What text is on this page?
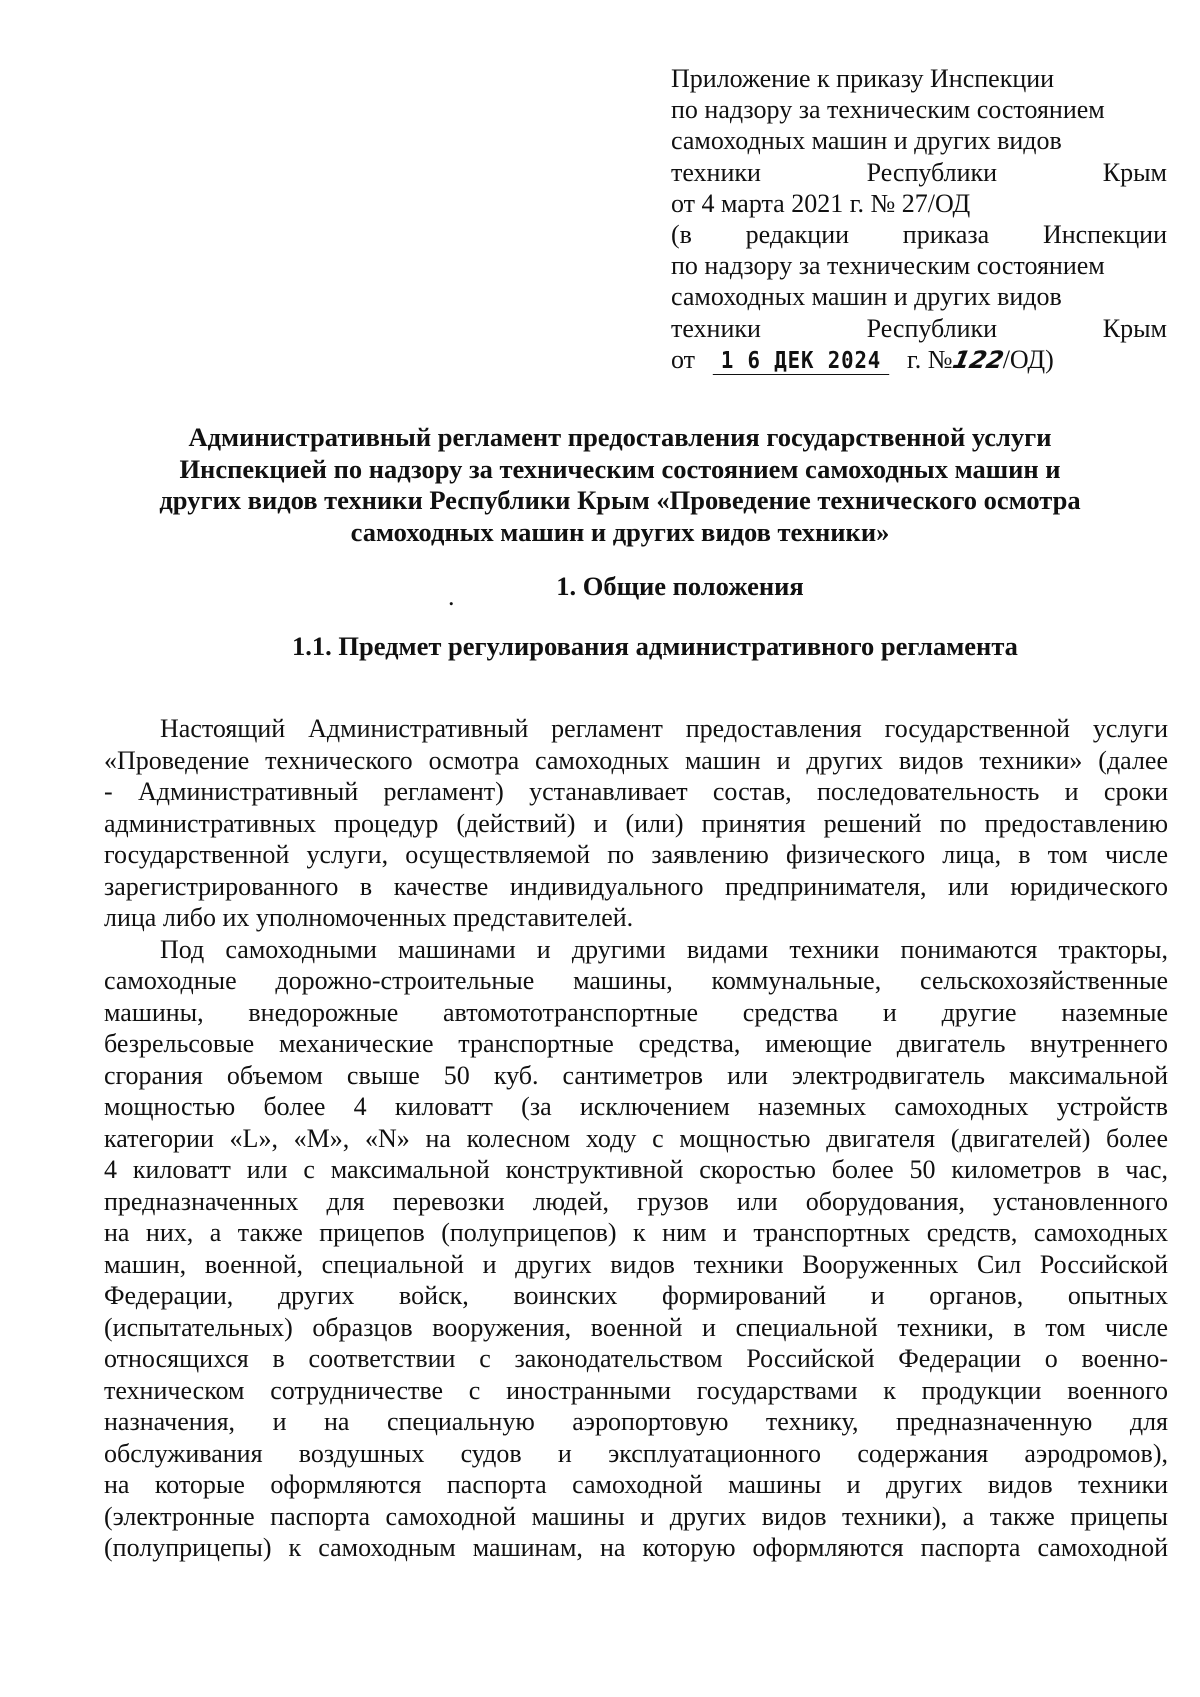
Приложение к приказу Инспекции
по надзору за техническим состоянием
самоходных машин и других видов
техники Республики Крым
от 4 марта 2021 г. № 27/ОД
(в редакции приказа Инспекции
по надзору за техническим состоянием
самоходных машин и других видов
техники Республики Крым
от 1 6 ДЕК 2024 г. №122/ОД)
Административный регламент предоставления государственной услуги
Инспекцией по надзору за техническим состоянием самоходных машин и
других видов техники Республики Крым «Проведение технического осмотра
самоходных машин и других видов техники»
.	1. Общие положения
1.1. Предмет регулирования административного регламента
Настоящий Административный регламент предоставления государственной услуги
«Проведение технического осмотра самоходных машин и других видов техники» (далее
- Административный регламент) устанавливает состав, последовательность и сроки
административных процедур (действий) и (или) принятия решений по предоставлению
государственной услуги, осуществляемой по заявлению физического лица, в том числе
зарегистрированного в качестве индивидуального предпринимателя, или юридического
лица либо их уполномоченных представителей.
Под самоходными машинами и другими видами техники понимаются тракторы,
самоходные дорожно-строительные машины, коммунальные, сельскохозяйственные
машины, внедорожные автомототранспортные средства и другие наземные
безрельсовые механические транспортные средства, имеющие двигатель внутреннего
сгорания объемом свыше 50 куб. сантиметров или электродвигатель максимальной
мощностью более 4 киловатт (за исключением наземных самоходных устройств
категории «L», «M», «N» на колесном ходу с мощностью двигателя (двигателей) более
4 киловатт или с максимальной конструктивной скоростью более 50 километров в час,
предназначенных для перевозки людей, грузов или оборудования, установленного
на них, а также прицепов (полуприцепов) к ним и транспортных средств, самоходных
машин, военной, специальной и других видов техники Вооруженных Сил Российской
Федерации, других войск, воинских формирований и органов, опытных
(испытательных) образцов вооружения, военной и специальной техники, в том числе
относящихся в соответствии с законодательством Российской Федерации о военно-
техническом сотрудничестве с иностранными государствами к продукции военного
назначения, и на специальную аэропортовую технику, предназначенную для
обслуживания воздушных судов и эксплуатационного содержания аэродромов),
на которые оформляются паспорта самоходной машины и других видов техники
(электронные паспорта самоходной машины и других видов техники), а также прицепы
(полуприцепы) к самоходным машинам, на которую оформляются паспорта самоходной
